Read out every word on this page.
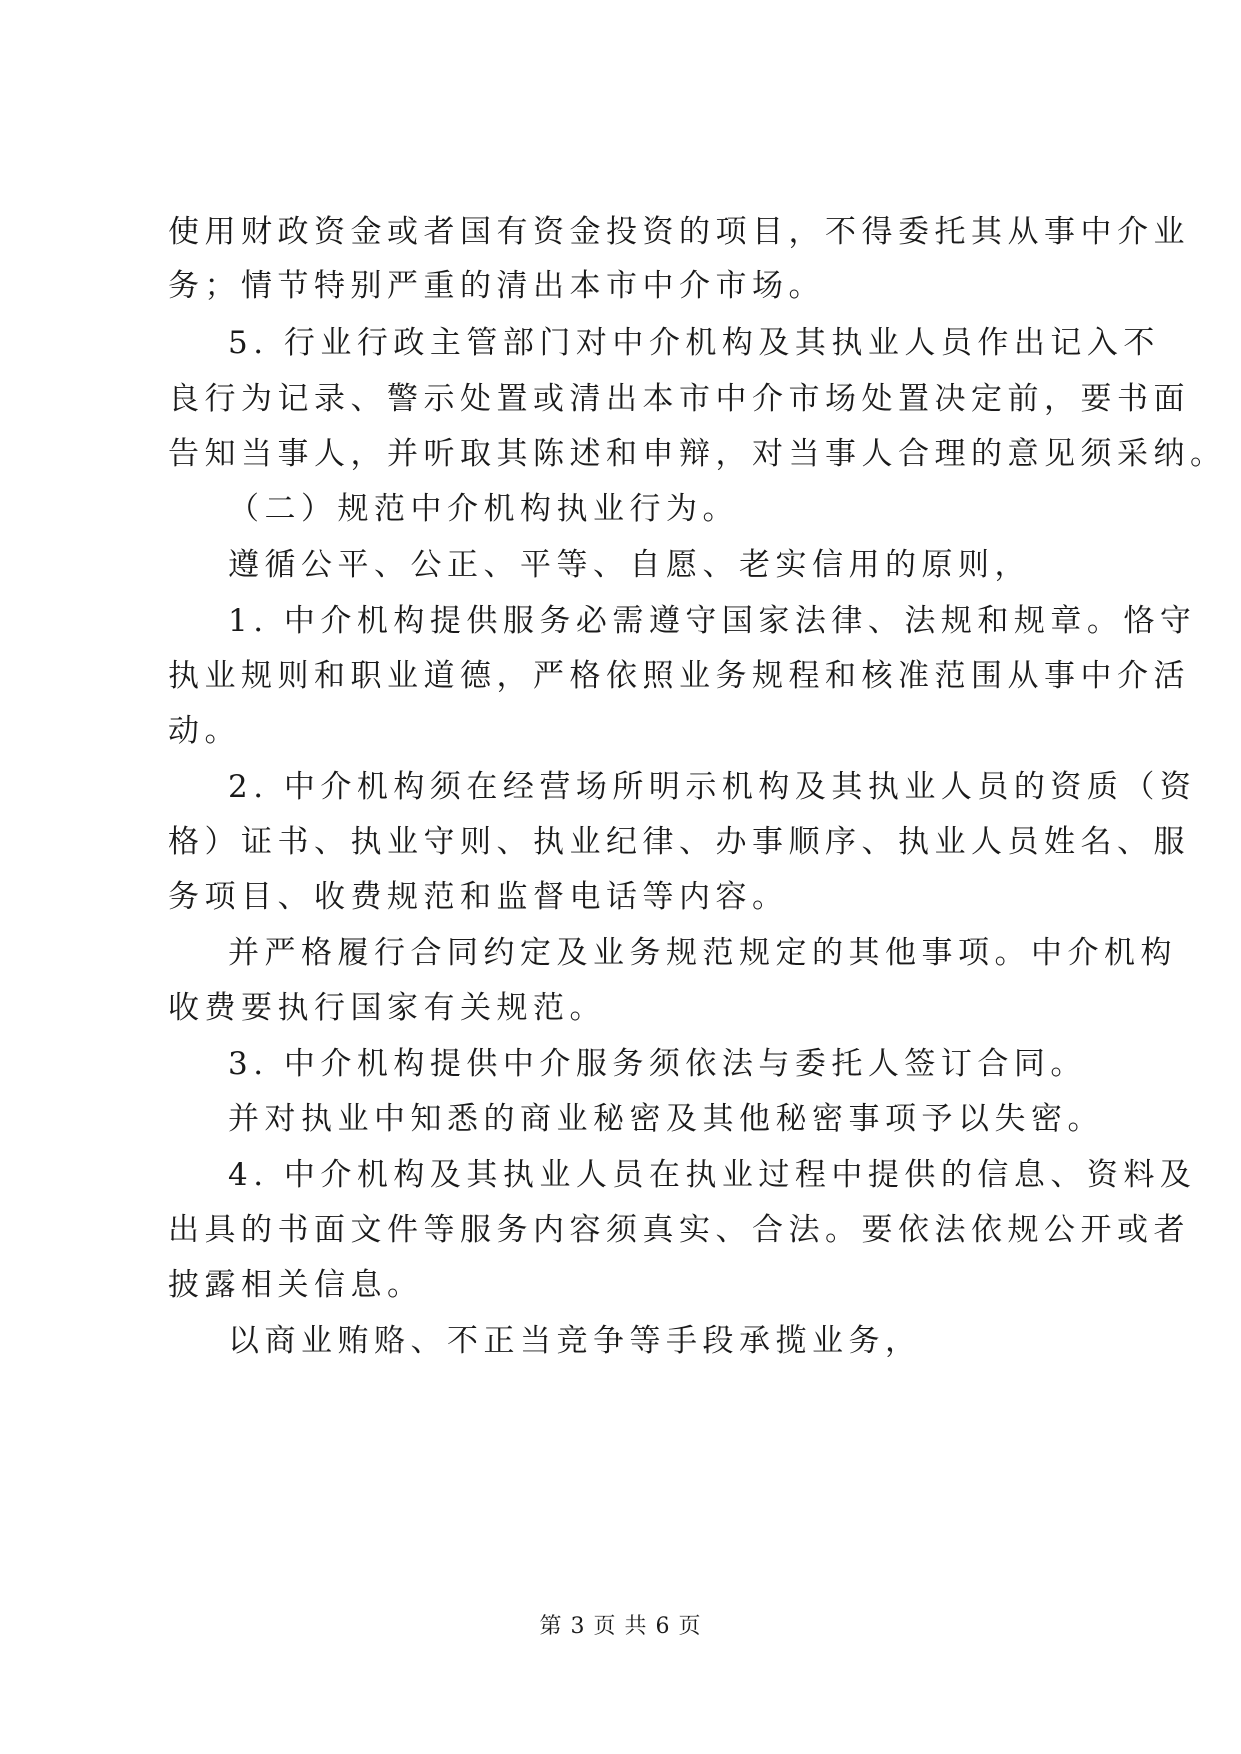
使用财政资金或者国有资金投资的项目，不得委托其从事中介业
务；情节特别严重的清出本市中介市场。
5. 行业行政主管部门对中介机构及其执业人员作出记入不
良行为记录、警示处置或清出本市中介市场处置决定前，要书面
告知当事人，并听取其陈述和申辩，对当事人合理的意见须采纳。
（二）规范中介机构执业行为。
遵循公平、公正、平等、自愿、老实信用的原则，
1. 中介机构提供服务必需遵守国家法律、法规和规章。恪守
执业规则和职业道德，严格依照业务规程和核准范围从事中介活
动。
2. 中介机构须在经营场所明示机构及其执业人员的资质（资
格）证书、执业守则、执业纪律、办事顺序、执业人员姓名、服
务项目、收费规范和监督电话等内容。
并严格履行合同约定及业务规范规定的其他事项。中介机构
收费要执行国家有关规范。
3. 中介机构提供中介服务须依法与委托人签订合同。
并对执业中知悉的商业秘密及其他秘密事项予以失密。
4. 中介机构及其执业人员在执业过程中提供的信息、资料及
出具的书面文件等服务内容须真实、合法。要依法依规公开或者
披露相关信息。
以商业贿赂、不正当竞争等手段承揽业务，
第 3 页 共 6 页
